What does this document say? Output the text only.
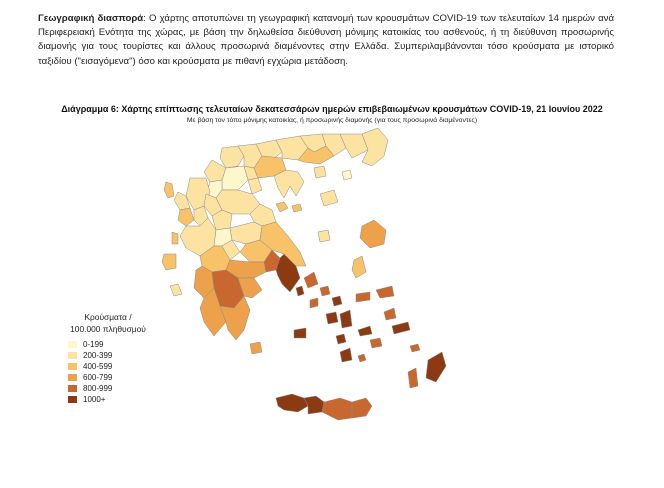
Γεωγραφική διασπορά: Ο χάρτης αποτυπώνει τη γεωγραφική κατανομή των κρουσμάτων COVID-19 των τελευταίων 14 ημερών ανά Περιφερειακή Ενότητα της χώρας, με βάση την δηλωθείσα διεύθυνση μόνιμης κατοικίας του ασθενούς, ή τη διεύθυνση προσωρινής διαμονής για τους τουρίστες και άλλους προσωρινά διαμένοντες στην Ελλάδα. Συμπεριλαμβάνονται τόσο κρούσματα με ιστορικό ταξιδίου ("εισαγόμενα") όσο και κρούσματα με πιθανή εγχώρια μετάδοση.
Διάγραμμα 6: Χάρτης επίπτωσης τελευταίων δεκατεσσάρων ημερών επιβεβαιωμένων κρουσμάτων COVID-19, 21 Ιουνίου 2022
Με βάση τον τόπο μόνιμης κατοικίας, ή προσωρινής διαμονής (για τους προσωρινά διαμένοντες)
Κρούσματα /
100.000 πληθυσμού
0-199
200-399
400-599
600-799
800-999
1000+
